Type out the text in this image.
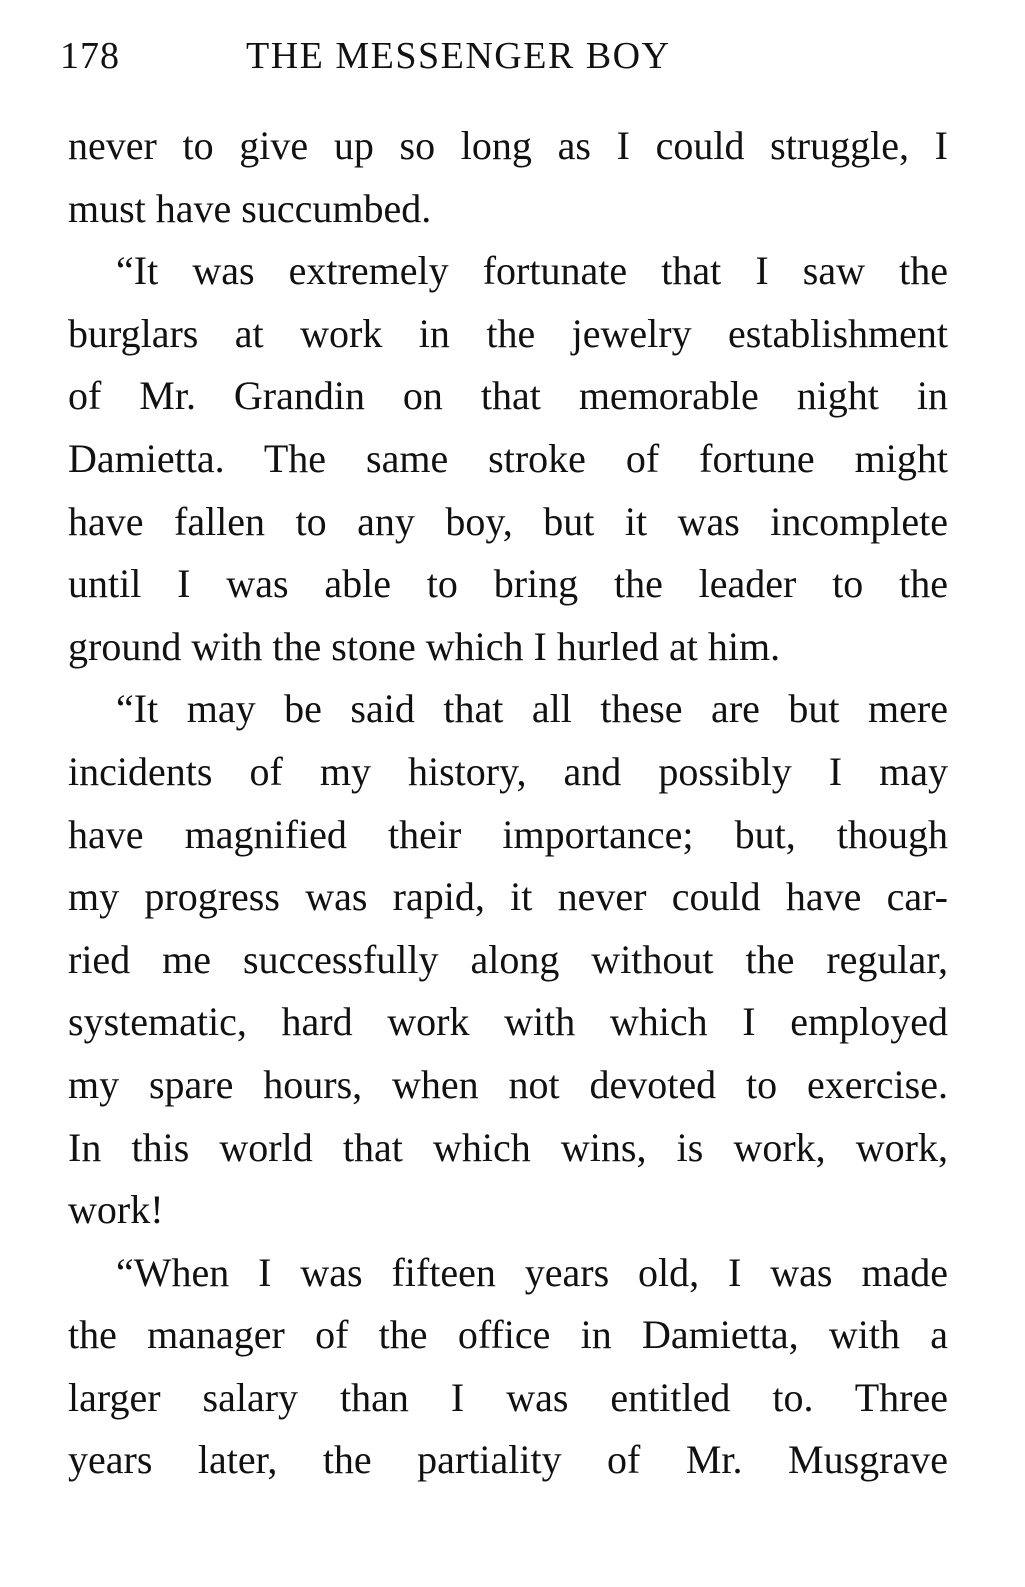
178	THE MESSENGER BOY
never to give up so long as I could struggle, I
must have succumbed.
“It was extremely fortunate that I saw the
burglars at work in the jewelry establishment
of Mr. Grandin on that memorable night in
Damietta. The same stroke of fortune might
have fallen to any boy, but it was incomplete
until I was able to bring the leader to the
ground with the stone which I hurled at him.
“It may be said that all these are but mere
incidents of my history, and possibly I may
have magnified their importance; but, though
my progress was rapid, it never could have car-
ried me successfully along without the regular,
systematic, hard work with which I employed
my spare hours, when not devoted to exercise.
In this world that which wins, is work, work,
work!
“When I was fifteen years old, I was made
the manager of the office in Damietta, with a
larger salary than I was entitled to. Three
years later, the partiality of Mr. Musgrave
